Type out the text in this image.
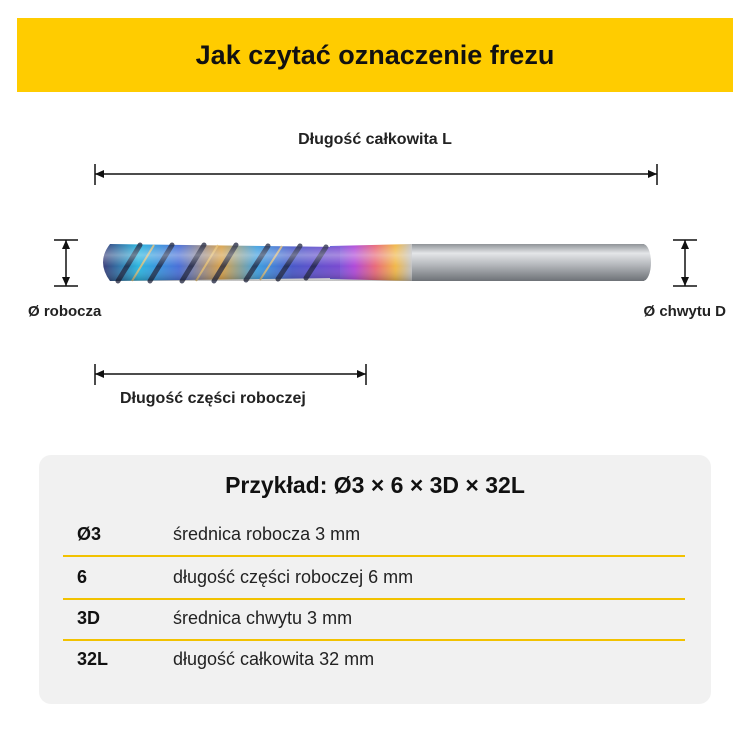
Jak czytać oznaczenie frezu
Długość całkowita L
Ø robocza	Ø chwytu D
Długość części roboczej
Przykład: Ø3 × 6 × 3D × 32L
Ø3	średnica robocza 3 mm
6	długość części roboczej 6 mm
3D	średnica chwytu 3 mm
32L	długość całkowita 32 mm
